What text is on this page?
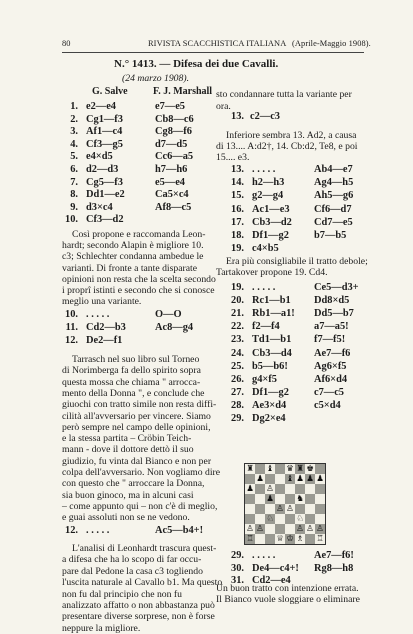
80	RIVISTA SCACCHISTICA ITALIANA (Aprile-Maggio 1908).
N.° 1413. — Difesa dei due Cavalli.
(24 marzo 1908).
G. Salve	F. J. Marshall
1. e2—e4	e7—e5
2. Cg1—f3	Cb8—c6
3. Af1—c4	Cg8—f6
4. Cf3—g5	d7—d5
5. e4×d5	Cc6—a5
6. d2—d3	h7—h6
7. Cg5—f3	e5—e4
8. Dd1—e2	Ca5×c4
9. d3×c4	Af8—c5
10. Cf3—d2
Così propone e raccomanda Leon-
hardt; secondo Alapin è migliore 10.
c3; Schlechter condanna ambedue le
varianti. Di fronte a tante disparate
opinioni non resta che la scelta secondo
i proprî istinti e secondo che si conosce
meglio una variante.
10. . . . . .	O—O
11. Cd2—b3	Ac8—g4
12. De2—f1
Tarrasch nel suo libro sul Torneo
di Norimberga fa dello spirito sopra
questa mossa che chiama " arrocca-
mento della Donna ", e conclude che
giuochi con tratto simile non resta diffi-
cilità all'avversario per vincere. Siamo
però sempre nel campo delle opinioni,
e la stessa partita – Cröbin Teich-
mann - dove il dottore dettò il suo
giudizio, fu vinta dal Bianco e non per
colpa dell'avversario. Non vogliamo dire
con questo che " arroccare la Donna,
sia buon ginoco, ma in alcuni casi
– come appunto qui – non c'è di meglio,
e guai assoluti non se ne vedono.
12. . . . . .	Ac5—b4+!
L'analisi di Leonhardt trascura quest-
a difesa che ha lo scopo di far occu-
pare dal Pedone la casa c3 togliendo
l'uscita naturale al Cavallo b1. Ma questo
non fu dal principio che non fu
analizzato affatto o non abbastanza può
presentare diverse sorprese, non è forse
neppure la migliore.
sto condannare tutta la variante per
ora.
13. c2—c3
Inferiore sembra 13. Ad2, a causa
di 13.... A:d2†, 14. Cb:d2, Te8, e poi
15.... e3.
13. . . . . .	Ab4—e7
14. h2—h3	Ag4—h5
15. g2—g4	Ah5—g6
16. Ac1—e3 Cf6—d7
17. Cb3—d2 Cd7—e5
18. Df1—g2 b7—b5
19. c4×b5
Era più consigliabile il tratto debole;
Tartakover propone 19. Cd4.
19. . . . . .	Ce5—d3+
20. Rc1—b1 Dd8×d5
21. Rb1—a1! Dd5—b7
22. f2—f4	a7—a5!
23. Td1—b1 f7—f5!
24. Cb3—d4 Ae7—f6
25. b5—b6!	Ag6×f5
26. g4×f5	Af6×d4
27. Df1—g2 c7—c5
28. Ae3×d4	c5×d4
29. Dg2×e4
♜ ♝ ♛ ♜ ♚
♟	♝ ♟ ♟ ♟
♟ ♙
♟	♞
♙ ♙
♘	♘
♙ ♙	♙ ♙ ♙
♖	♕ ♔ ♗ ♖
29. . . . . .	Ae7—f6!
30. De4—c4+! Rg8—h8
31. Cd2—e4
Un buon tratto con intenzione errata.
Il Bianco vuole sloggiare o eliminare
